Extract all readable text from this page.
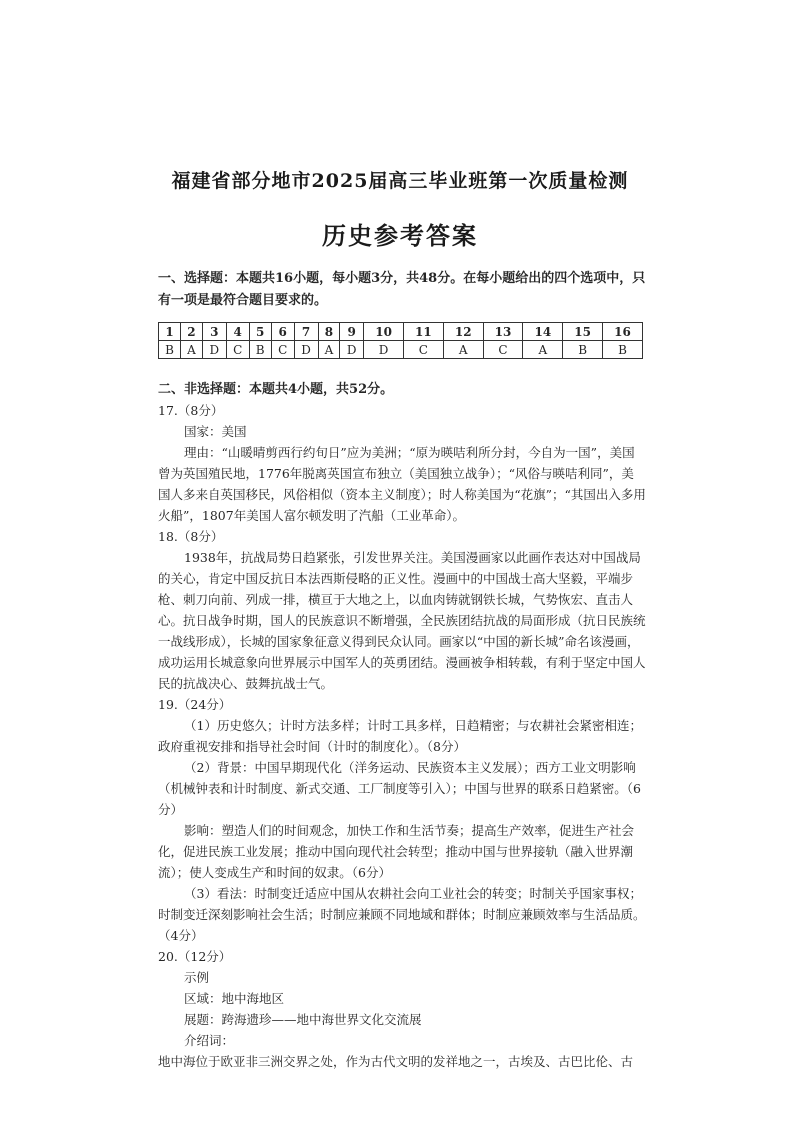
福建省部分地市2025届高三毕业班第一次质量检测
历史参考答案
一、选择题：本题共16小题，每小题3分，共48分。在每小题给出的四个选项中，只有一项是最符合题目要求的。
1	2	3	4	5	6	7	8	9	10	11	12	13	14	15	16
B	A	D	C	B	C	D	A	D	D	C	A	C	A	B	B
二、非选择题：本题共4小题，共52分。

17.（8分）

国家：美国

理由：“山暖晴剪西行约旬日”应为美洲；“原为暎咭利所分封，今自为一国”，美国曾为英国殖民地，1776年脱离英国宣布独立（美国独立战争）；“风俗与暎咭利同”，美国人多来自英国移民，风俗相似（资本主义制度）；时人称美国为“花旗”；“其国出入多用火船”，1807年美国人富尔顿发明了汽船（工业革命）。

18.（8分）

1938年，抗战局势日趋紧张，引发世界关注。美国漫画家以此画作表达对中国战局的关心，肯定中国反抗日本法西斯侵略的正义性。漫画中的中国战士高大坚毅，平端步枪、刺刀向前、列成一排，横亘于大地之上，以血肉铸就钢铁长城，气势恢宏、直击人心。抗日战争时期，国人的民族意识不断增强，全民族团结抗战的局面形成（抗日民族统一战线形成），长城的国家象征意义得到民众认同。画家以“中国的新长城”命名该漫画，成功运用长城意象向世界展示中国军人的英勇团结。漫画被争相转载，有利于坚定中国人民的抗战决心、鼓舞抗战士气。

19.（24分）

（1）历史悠久；计时方法多样；计时工具多样，日趋精密；与农耕社会紧密相连；政府重视安排和指导社会时间（计时的制度化）。（8分）

（2）背景：中国早期现代化（洋务运动、民族资本主义发展）；西方工业文明影响（机械钟表和计时制度、新式交通、工厂制度等引入）；中国与世界的联系日趋紧密。（6分）

影响：塑造人们的时间观念，加快工作和生活节奏；提高生产效率，促进生产社会化，促进民族工业发展；推动中国向现代社会转型；推动中国与世界接轨（融入世界潮流）；使人变成生产和时间的奴隶。（6分）

（3）看法：时制变迁适应中国从农耕社会向工业社会的转变；时制关乎国家事权；时制变迁深刻影响社会生活；时制应兼顾不同地域和群体；时制应兼顾效率与生活品质。（4分）

20.（12分）

示例

区域：地中海地区

展题：跨海遗珍——地中海世界文化交流展

介绍词：

地中海位于欧亚非三洲交界之处，作为古代文明的发祥地之一，古埃及、古巴比伦、古
